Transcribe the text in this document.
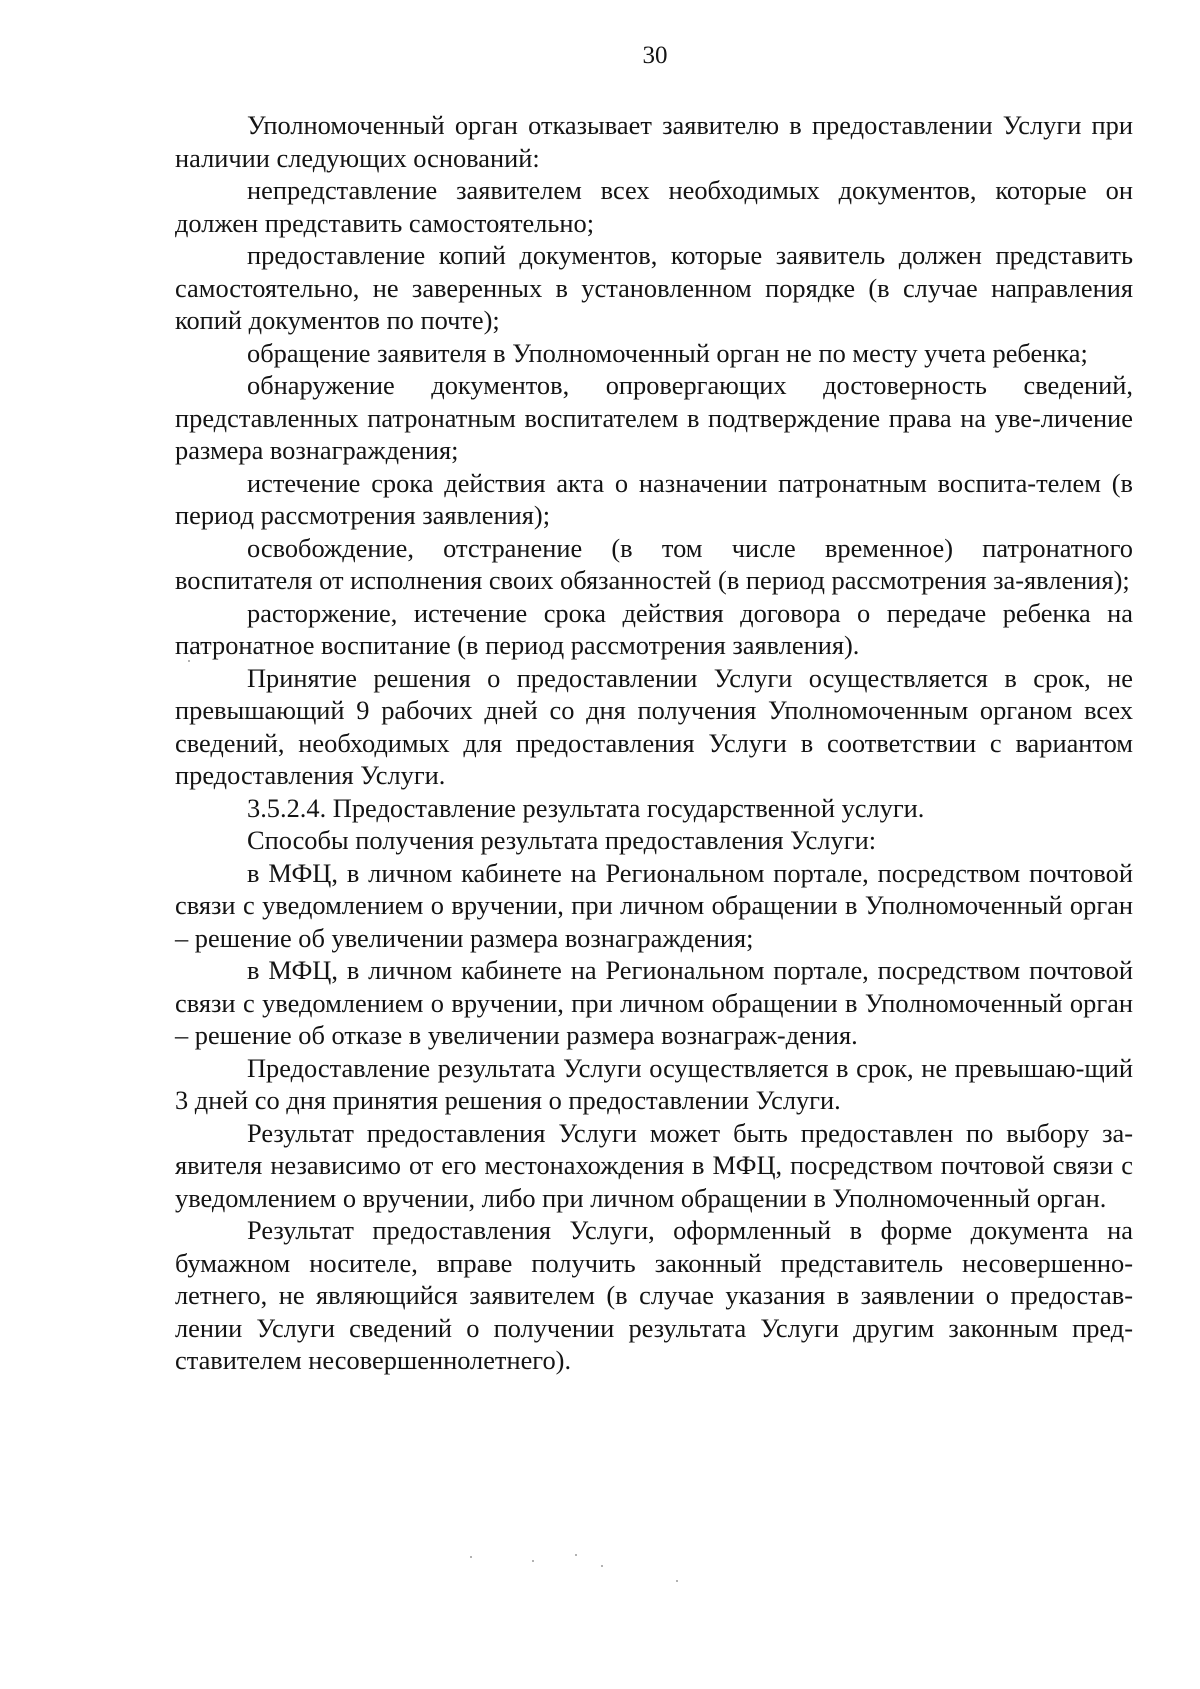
30

Уполномоченный орган отказывает заявителю в предоставлении Услуги при наличии следующих оснований:

непредставление заявителем всех необходимых документов, которые он должен представить самостоятельно;

предоставление копий документов, которые заявитель должен представить самостоятельно, не заверенных в установленном порядке (в случае направления копий документов по почте);

обращение заявителя в Уполномоченный орган не по месту учета ребенка;

обнаружение документов, опровергающих достоверность сведений, представленных патронатным воспитателем в подтверждение права на уве-личение размера вознаграждения;

истечение срока действия акта о назначении патронатным воспита-телем (в период рассмотрения заявления);

освобождение, отстранение (в том числе временное) патронатного воспитателя от исполнения своих обязанностей (в период рассмотрения за-явления);

расторжение, истечение срока действия договора о передаче ребенка на патронатное воспитание (в период рассмотрения заявления).

Принятие решения о предоставлении Услуги осуществляется в срок, не превышающий 9 рабочих дней со дня получения Уполномоченным органом всех сведений, необходимых для предоставления Услуги в соответствии с вариантом предоставления Услуги.

3.5.2.4. Предоставление результата государственной услуги.

Способы получения результата предоставления Услуги:

в МФЦ, в личном кабинете на Региональном портале, посредством почтовой связи с уведомлением о вручении, при личном обращении в Уполномоченный орган – решение об увеличении размера вознаграждения;

в МФЦ, в личном кабинете на Региональном портале, посредством почтовой связи с уведомлением о вручении, при личном обращении в Уполномоченный орган – решение об отказе в увеличении размера вознаграж-дения.

Предоставление результата Услуги осуществляется в срок, не превышаю-щий 3 дней со дня принятия решения о предоставлении Услуги.

Результат предоставления Услуги может быть предоставлен по выбору за-явителя независимо от его местонахождения в МФЦ, посредством почтовой связи с уведомлением о вручении, либо при личном обращении в Уполномоченный орган.

Результат предоставления Услуги, оформленный в форме документа на бумажном носителе, вправе получить законный представитель несовершенно-летнего, не являющийся заявителем (в случае указания в заявлении о предостав-лении Услуги сведений о получении результата Услуги другим законным пред-ставителем несовершеннолетнего).
